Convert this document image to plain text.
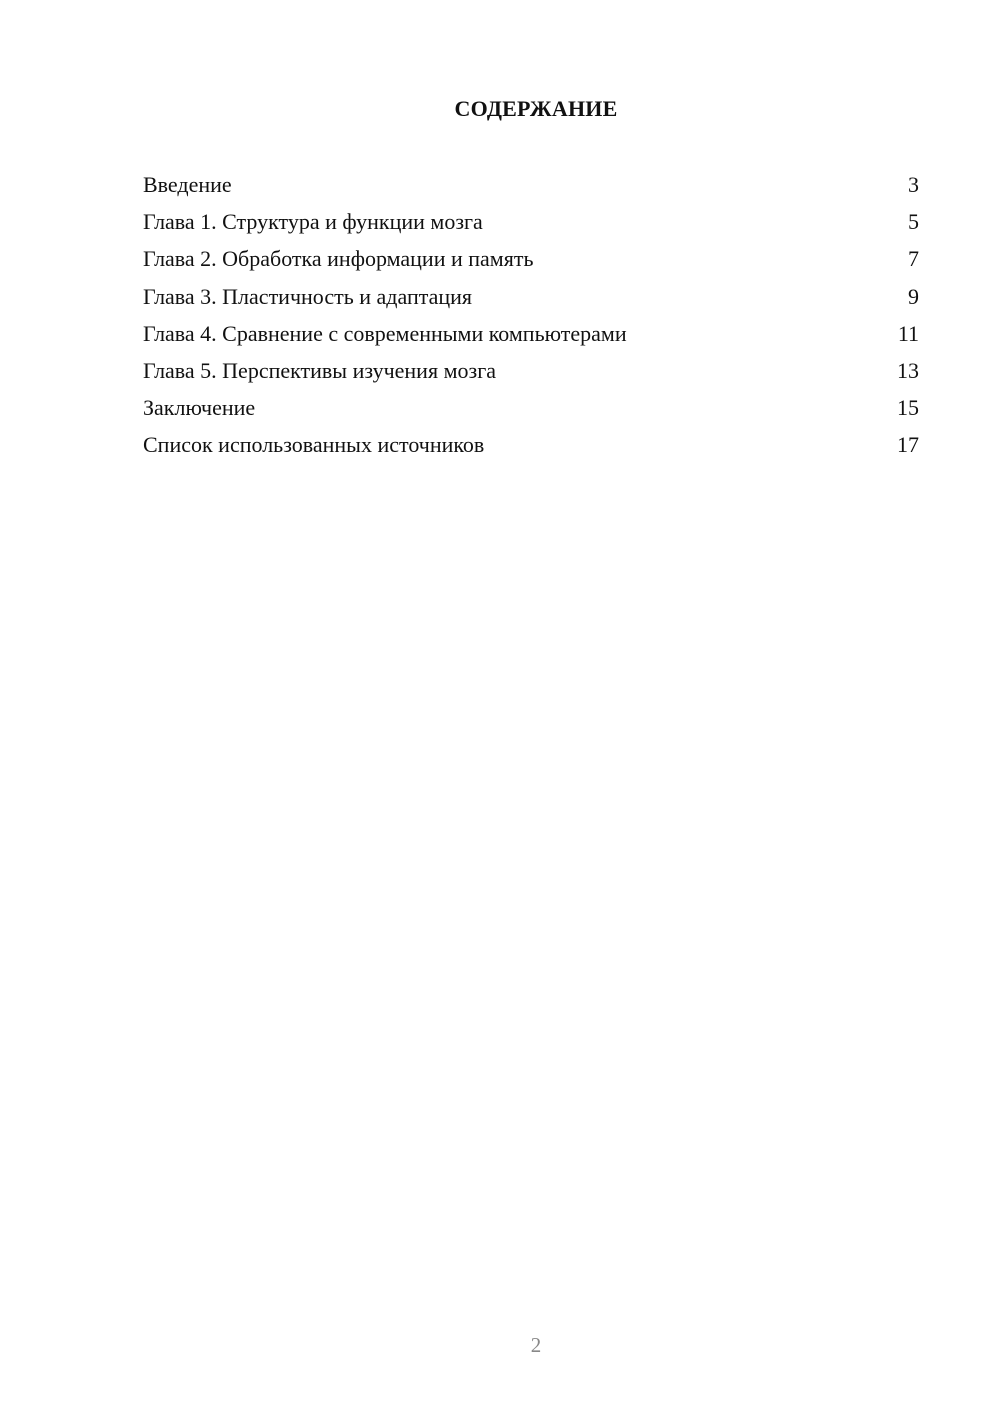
СОДЕРЖАНИЕ
Введение	3
Глава 1. Структура и функции мозга	5
Глава 2. Обработка информации и память	7
Глава 3. Пластичность и адаптация	9
Глава 4. Сравнение с современными компьютерами	11
Глава 5. Перспективы изучения мозга	13
Заключение	15
Список использованных источников	17
2
